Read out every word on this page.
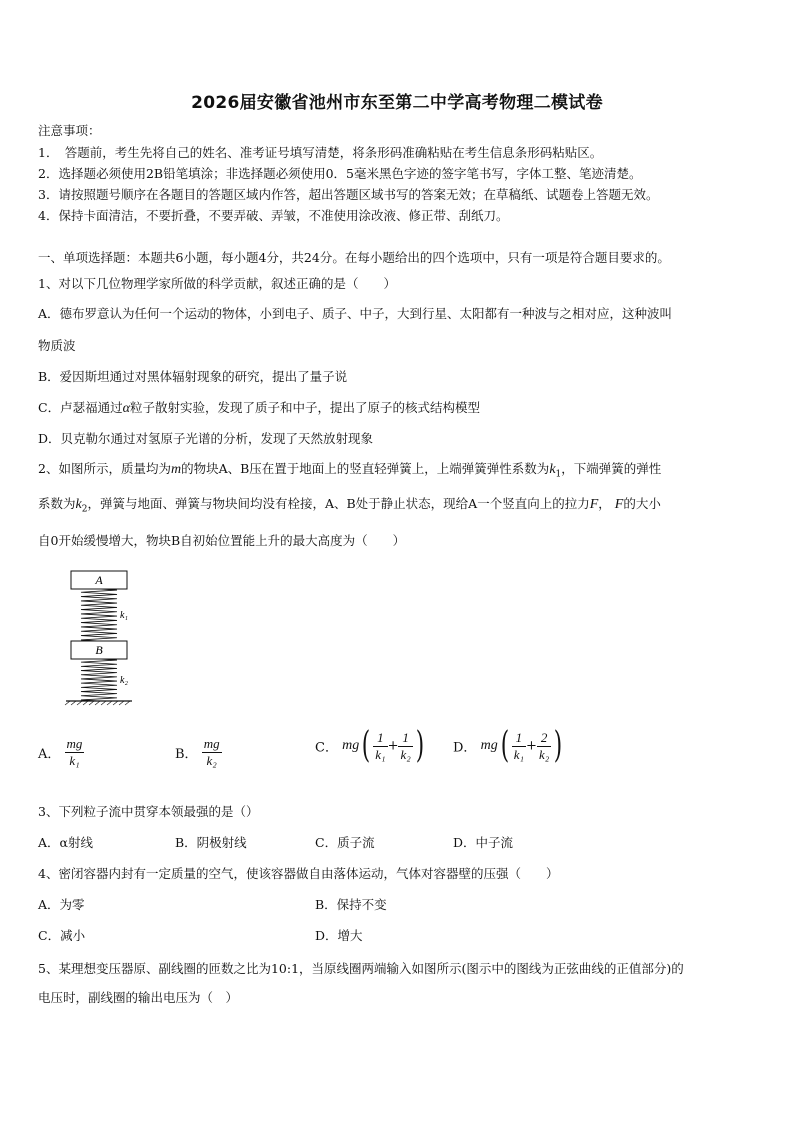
2026届安徽省池州市东至第二中学高考物理二模试卷
注意事项：
1．　答题前，考生先将自己的姓名、准考证号填写清楚，将条形码准确粘贴在考生信息条形码粘贴区。
2．选择题必须使用2B铅笔填涂；非选择题必须使用0．5毫米黑色字迹的签字笔书写，字体工整、笔迹清楚。
3．请按照题号顺序在各题目的答题区域内作答，超出答题区域书写的答案无效；在草稿纸、试题卷上答题无效。
4．保持卡面清洁，不要折叠，不要弄破、弄皱，不准使用涂改液、修正带、刮纸刀。
一、单项选择题：本题共6小题，每小题4分，共24分。在每小题给出的四个选项中，只有一项是符合题目要求的。
1、对以下几位物理学家所做的科学贡献，叙述正确的是（　　）
A．德布罗意认为任何一个运动的物体，小到电子、质子、中子，大到行星、太阳都有一种波与之相对应，这种波叫
物质波
B．爱因斯坦通过对黑体辐射现象的研究，提出了量子说
C．卢瑟福通过α粒子散射实验，发现了质子和中子，提出了原子的核式结构模型
D．贝克勒尔通过对氢原子光谱的分析，发现了天然放射现象
2、如图所示，质量均为m的物块A、B压在置于地面上的竖直轻弹簧上，上端弹簧弹性系数为$k_1$，下端弹簧的弹性
系数为$k_2$，弹簧与地面、弹簧与物块间均没有栓接，A、B处于静止状态，现给A一个竖直向上的拉力F， F的大小
自0开始缓慢增大，物块B自初始位置能上升的最大高度为（　　）
A
k₁
B
k₂
A． $\frac{mg}{\text{k₁}}$	B． $\frac{mg}{\text{k₂}}$	C． $mg( \frac{1}{\text{k₁}} + \frac{1}{\text{k₂}}$ ) D． $mg( \frac{1}{\text{k₁}} + \frac{2}{\text{k₂}}$ )
3、下列粒子流中贯穿本领最强的是（）
A．α射线	B．阴极射线	C．质子流	D．中子流
4、密闭容器内封有一定质量的空气，使该容器做自由落体运动，气体对容器壁的压强（　　）
A．为零	B．保持不变
C．减小	D．增大
5、某理想变压器原、副线圈的匝数之比为10:1，当原线圈两端输入如图所示(图示中的图线为正弦曲线的正值部分)的
电压时，副线圈的输出电压为（　）
